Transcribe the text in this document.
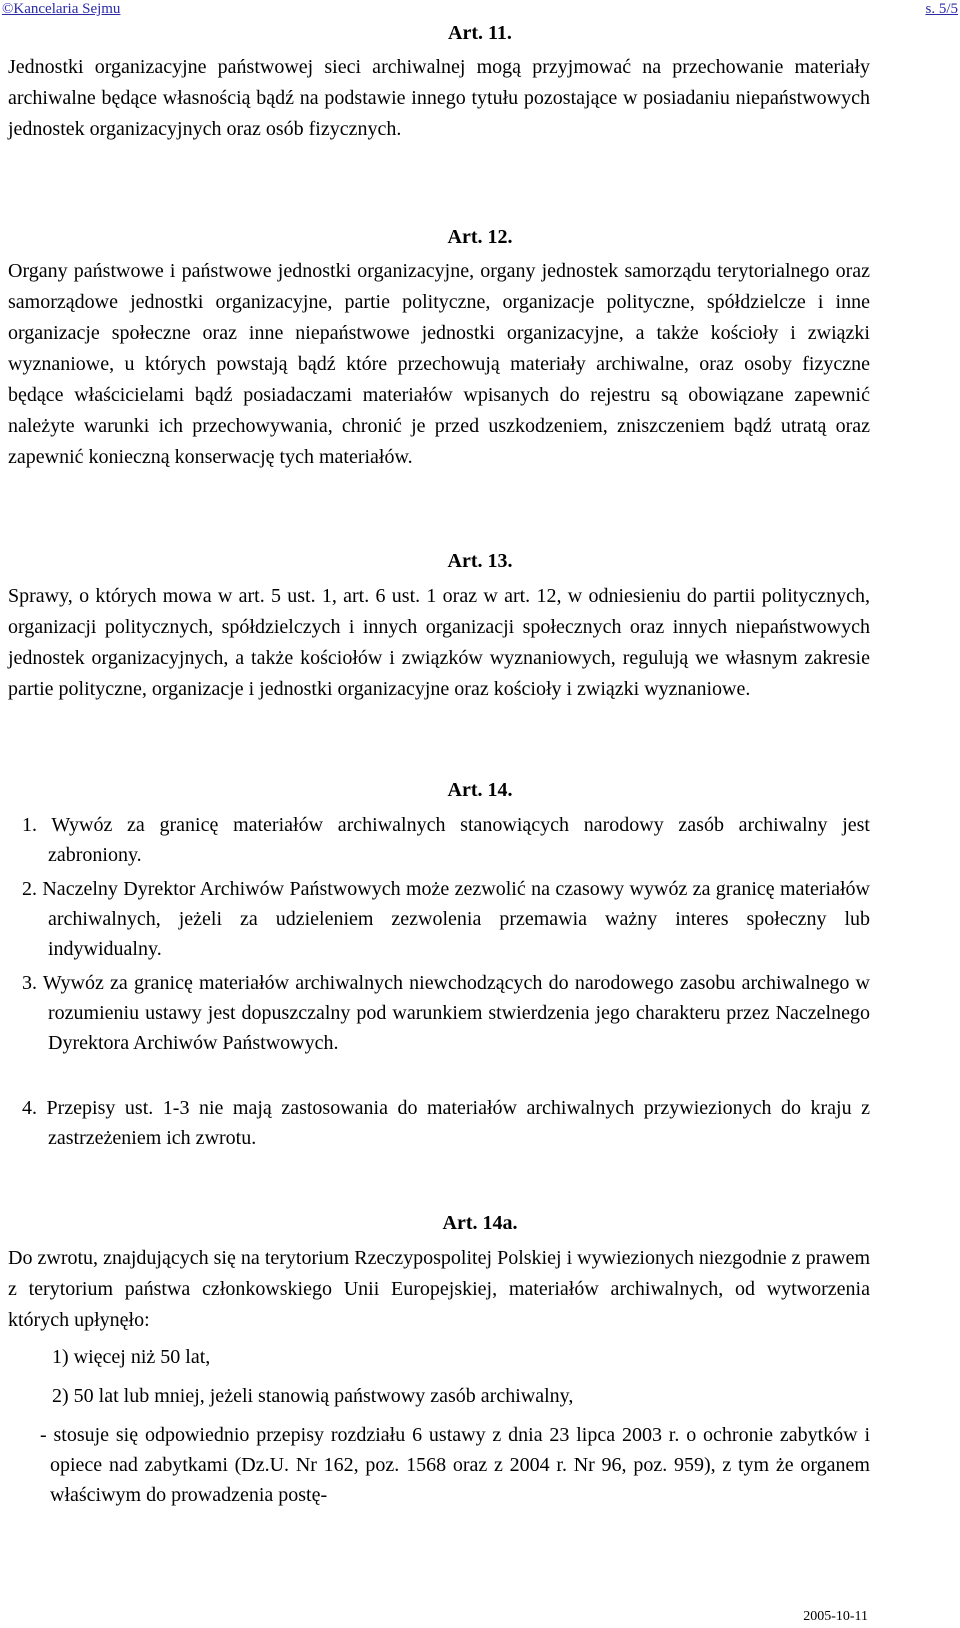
©Kancelaria Sejmu	s. 5/5
Art. 11.
Jednostki organizacyjne państwowej sieci archiwalnej mogą przyjmować na przechowanie materiały archiwalne będące własnością bądź na podstawie innego tytułu pozostające w posiadaniu niepaństwowych jednostek organizacyjnych oraz osób fizycznych.
Art. 12.
Organy państwowe i państwowe jednostki organizacyjne, organy jednostek samorządu terytorialnego oraz samorządowe jednostki organizacyjne, partie polityczne, organizacje polityczne, spółdzielcze i inne organizacje społeczne oraz inne niepaństwowe jednostki organizacyjne, a także kościoły i związki wyznaniowe, u których powstają bądź które przechowują materiały archiwalne, oraz osoby fizyczne będące właścicielami bądź posiadaczami materiałów wpisanych do rejestru są obowiązane zapewnić należyte warunki ich przechowywania, chronić je przed uszkodzeniem, zniszczeniem bądź utratą oraz zapewnić konieczną konserwację tych materiałów.
Art. 13.
Sprawy, o których mowa w art. 5 ust. 1, art. 6 ust. 1 oraz w art. 12, w odniesieniu do partii politycznych, organizacji politycznych, spółdzielczych i innych organizacji społecznych oraz innych niepaństwowych jednostek organizacyjnych, a także kościołów i związków wyznaniowych, regulują we własnym zakresie partie polityczne, organizacje i jednostki organizacyjne oraz kościoły i związki wyznaniowe.
Art. 14.
1. Wywóz za granicę materiałów archiwalnych stanowiących narodowy zasób archiwalny jest zabroniony.
2. Naczelny Dyrektor Archiwów Państwowych może zezwolić na czasowy wywóz za granicę materiałów archiwalnych, jeżeli za udzieleniem zezwolenia przemawia ważny interes społeczny lub indywidualny.
3. Wywóz za granicę materiałów archiwalnych niewchodzących do narodowego zasobu archiwalnego w rozumieniu ustawy jest dopuszczalny pod warunkiem stwierdzenia jego charakteru przez Naczelnego Dyrektora Archiwów Państwowych.
4. Przepisy ust. 1-3 nie mają zastosowania do materiałów archiwalnych przywiezionych do kraju z zastrzeżeniem ich zwrotu.
Art. 14a.
Do zwrotu, znajdujących się na terytorium Rzeczypospolitej Polskiej i wywiezionych niezgodnie z prawem z terytorium państwa członkowskiego Unii Europejskiej, materiałów archiwalnych, od wytworzenia których upłynęło:
1) więcej niż 50 lat,
2) 50 lat lub mniej, jeżeli stanowią państwowy zasób archiwalny,
- stosuje się odpowiednio przepisy rozdziału 6 ustawy z dnia 23 lipca 2003 r. o ochronie zabytków i opiece nad zabytkami (Dz.U. Nr 162, poz. 1568 oraz z 2004 r. Nr 96, poz. 959), z tym że organem właściwym do prowadzenia postę-
2005-10-11
